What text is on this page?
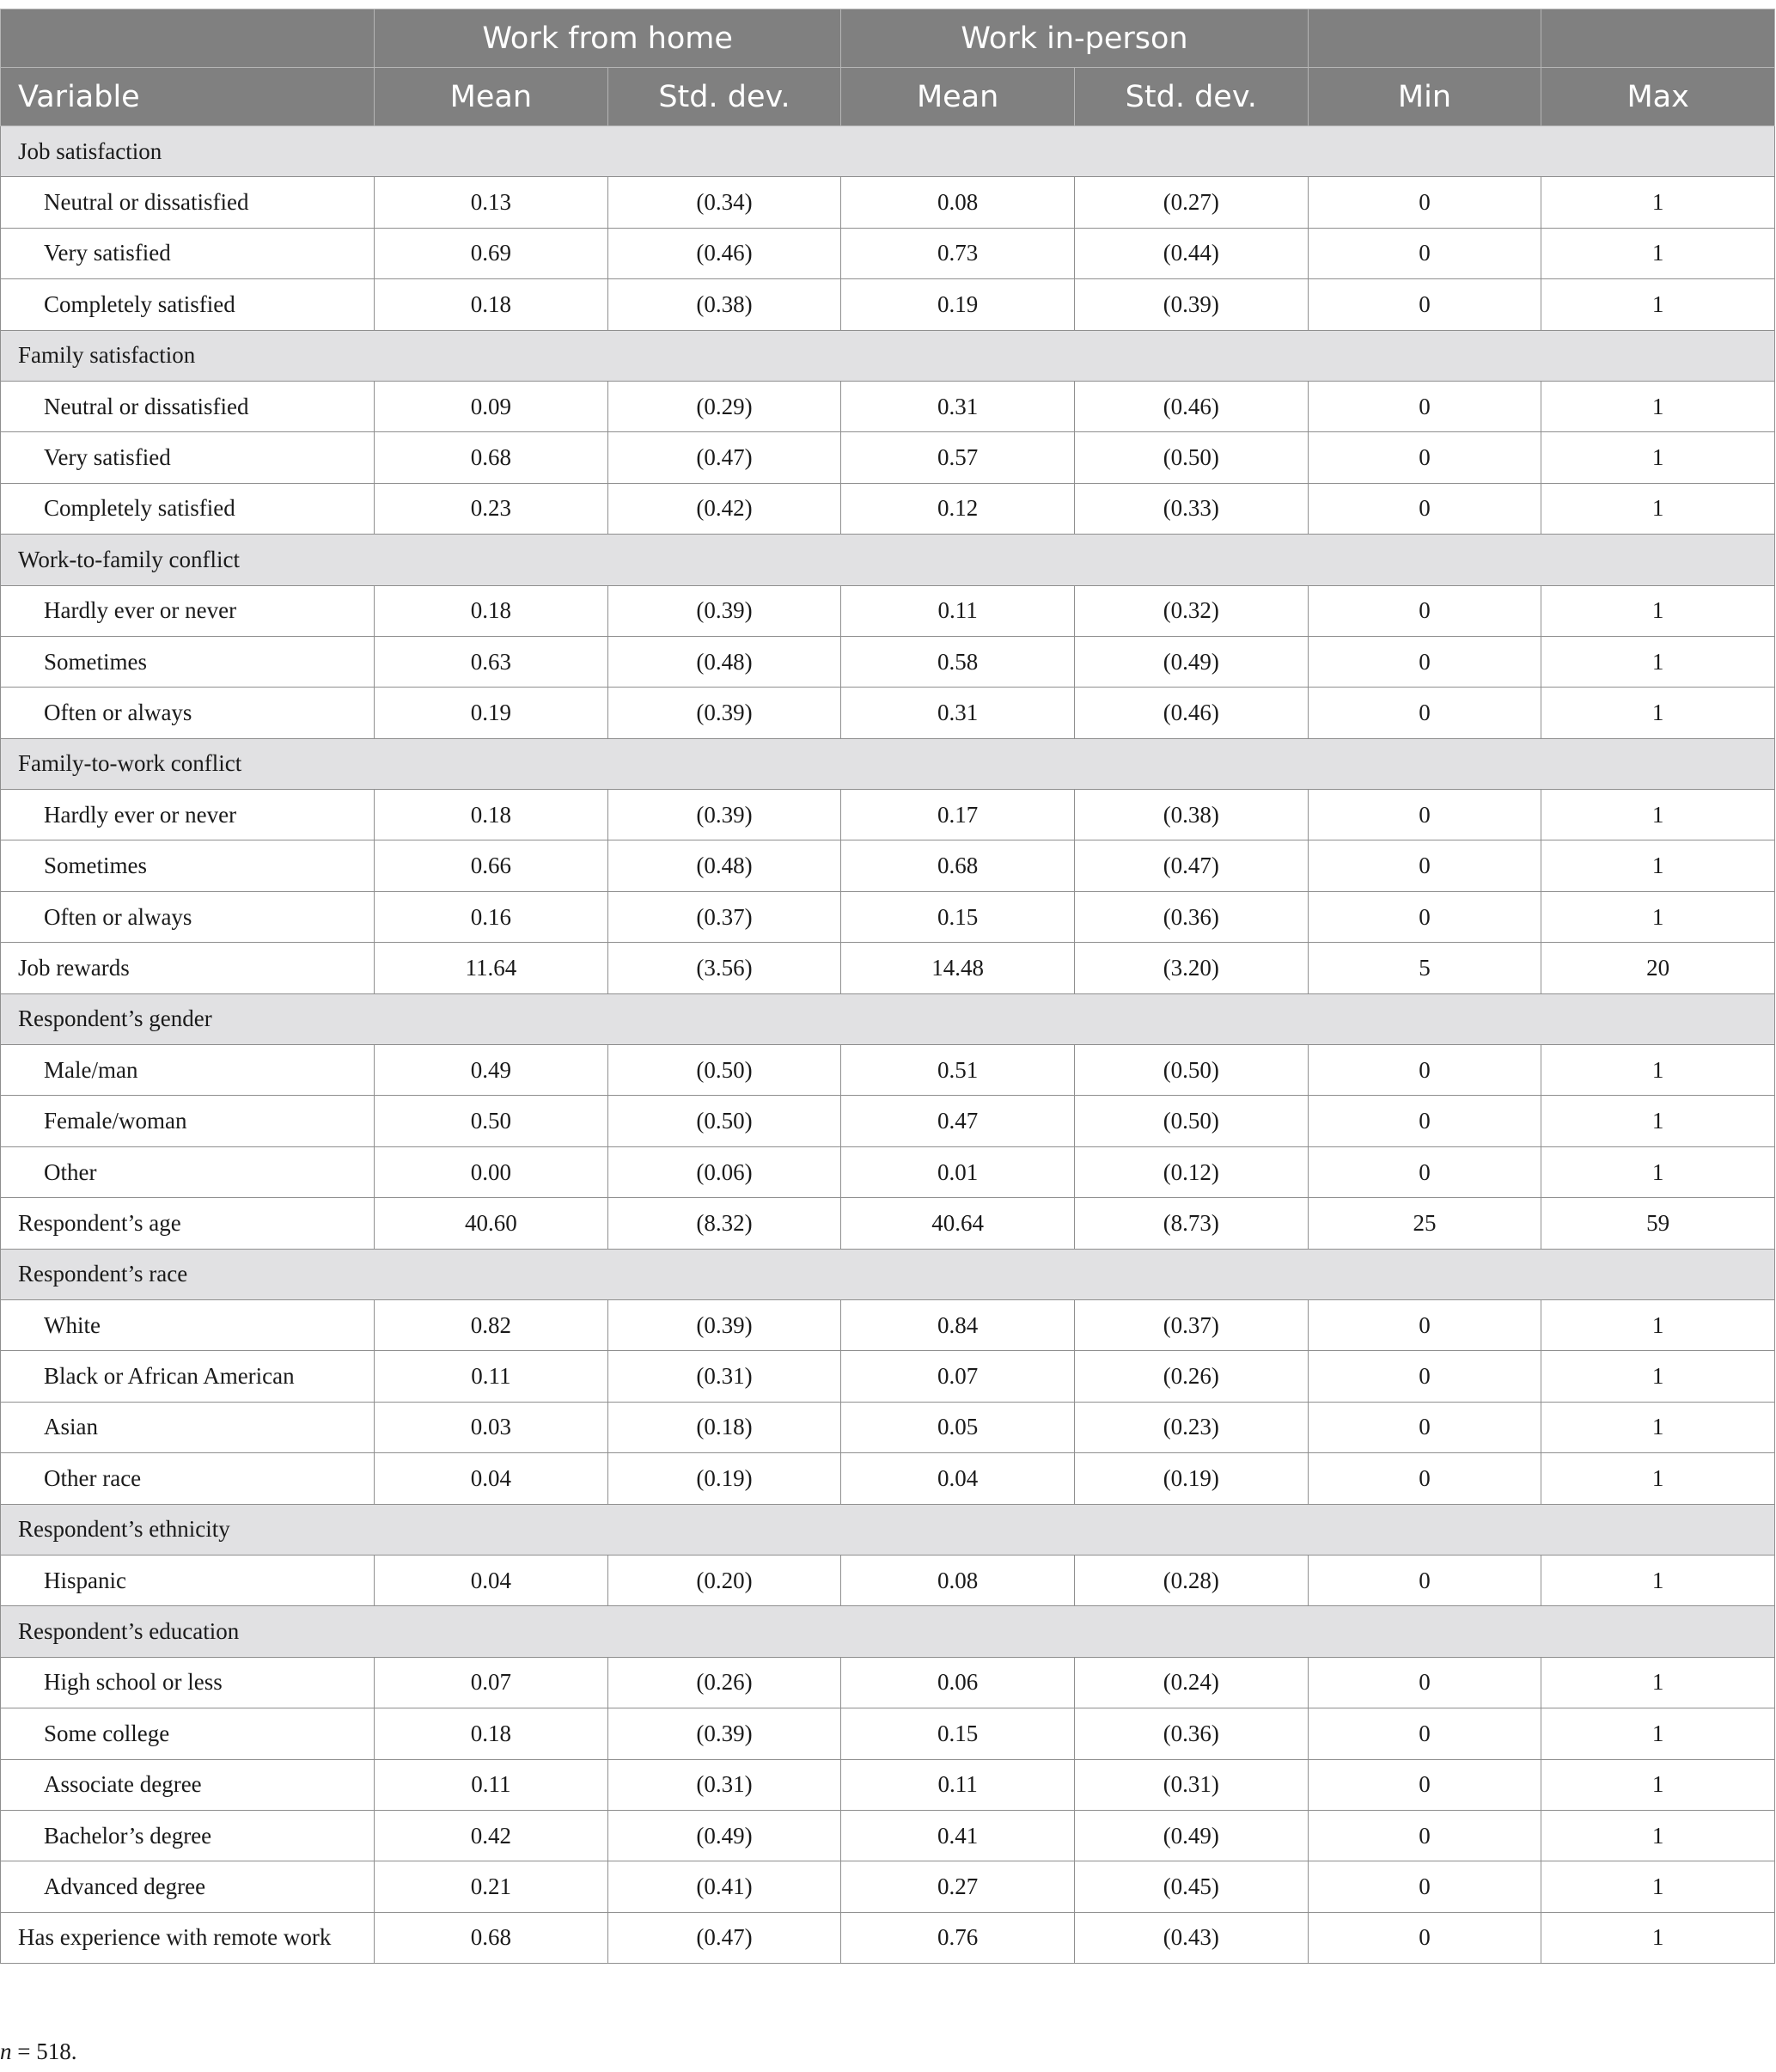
	Work from home		Work in-person			
Variable	Mean	Std. dev.	Mean	Std. dev.	Min	Max
Job satisfaction						
Neutral or dissatisfied	0.13	(0.34)	0.08	(0.27)	0	1
Very satisfied	0.69	(0.46)	0.73	(0.44)	0	1
Completely satisfied	0.18	(0.38)	0.19	(0.39)	0	1
Family satisfaction						
Neutral or dissatisfied	0.09	(0.29)	0.31	(0.46)	0	1
Very satisfied	0.68	(0.47)	0.57	(0.50)	0	1
Completely satisfied	0.23	(0.42)	0.12	(0.33)	0	1
Work-to-family conflict						
Hardly ever or never	0.18	(0.39)	0.11	(0.32)	0	1
Sometimes	0.63	(0.48)	0.58	(0.49)	0	1
Often or always	0.19	(0.39)	0.31	(0.46)	0	1
Family-to-work conflict						
Hardly ever or never	0.18	(0.39)	0.17	(0.38)	0	1
Sometimes	0.66	(0.48)	0.68	(0.47)	0	1
Often or always	0.16	(0.37)	0.15	(0.36)	0	1
Job rewards	11.64	(3.56)	14.48	(3.20)	5	20
Respondent’s gender						
Male/man	0.49	(0.50)	0.51	(0.50)	0	1
Female/woman	0.50	(0.50)	0.47	(0.50)	0	1
Other	0.00	(0.06)	0.01	(0.12)	0	1
Respondent’s age	40.60	(8.32)	40.64	(8.73)	25	59
Respondent’s race						
White	0.82	(0.39)	0.84	(0.37)	0	1
Black or African American	0.11	(0.31)	0.07	(0.26)	0	1
Asian	0.03	(0.18)	0.05	(0.23)	0	1
Other race	0.04	(0.19)	0.04	(0.19)	0	1
Respondent’s ethnicity						
Hispanic	0.04	(0.20)	0.08	(0.28)	0	1
Respondent’s education						
High school or less	0.07	(0.26)	0.06	(0.24)	0	1
Some college	0.18	(0.39)	0.15	(0.36)	0	1
Associate degree	0.11	(0.31)	0.11	(0.31)	0	1
Bachelor’s degree	0.42	(0.49)	0.41	(0.49)	0	1
Advanced degree	0.21	(0.41)	0.27	(0.45)	0	1
Has experience with remote work	0.68	(0.47)	0.76	(0.43)	0	1
n = 518.
